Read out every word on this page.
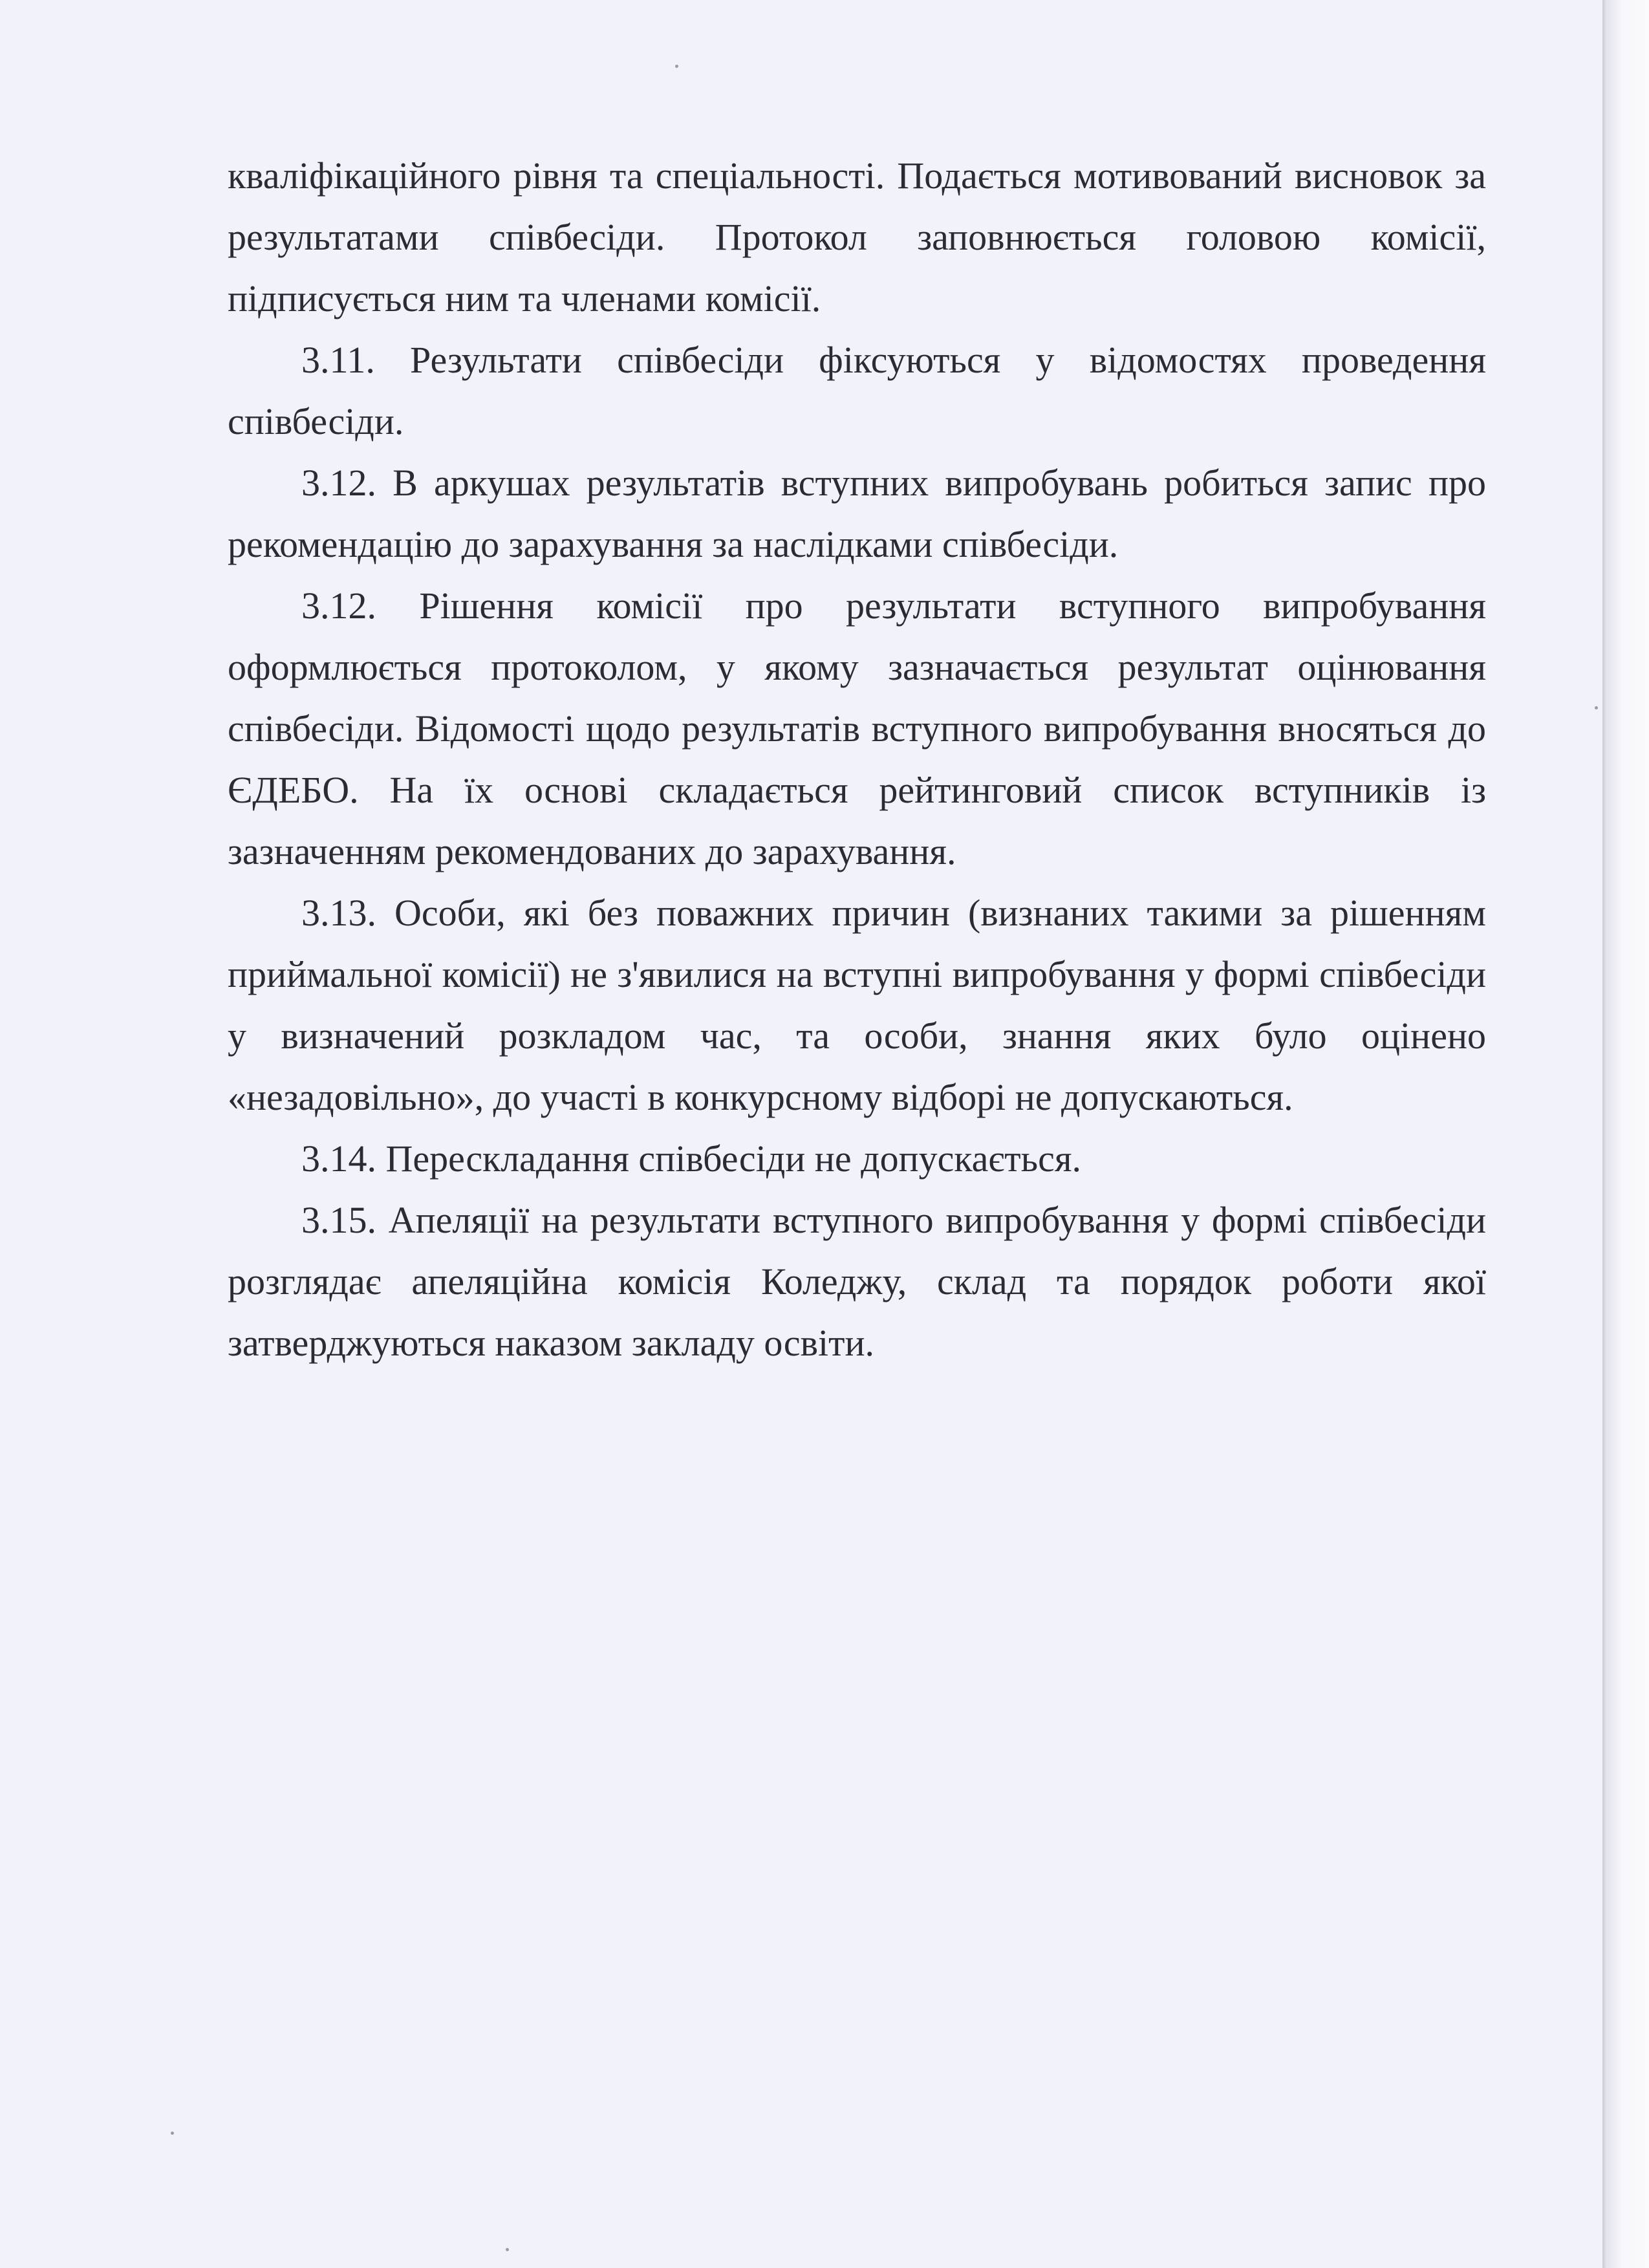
кваліфікаційного рівня та спеціальності. Подається мотивований висновок за результатами співбесіди. Протокол заповнюється головою комісії, підписується ним та членами комісії.

3.11. Результати співбесіди фіксуються у відомостях проведення співбесіди.

3.12. В аркушах результатів вступних випробувань робиться запис про рекомендацію до зарахування за наслідками співбесіди.

3.12. Рішення комісії про результати вступного випробування оформлюється протоколом, у якому зазначається результат оцінювання співбесіди. Відомості щодо результатів вступного випробування вносяться до ЄДЕБО. На їх основі складається рейтинговий список вступників із зазначенням рекомендованих до зарахування.

3.13. Особи, які без поважних причин (визнаних такими за рішенням приймальної комісії) не з'явилися на вступні випробування у формі співбесіди у визначений розкладом час, та особи, знання яких було оцінено «незадовільно», до участі в конкурсному відборі не допускаються.

3.14. Перескладання співбесіди не допускається.

3.15. Апеляції на результати вступного випробування у формі співбесіди розглядає апеляційна комісія Коледжу, склад та порядок роботи якої затверджуються наказом закладу освіти.
